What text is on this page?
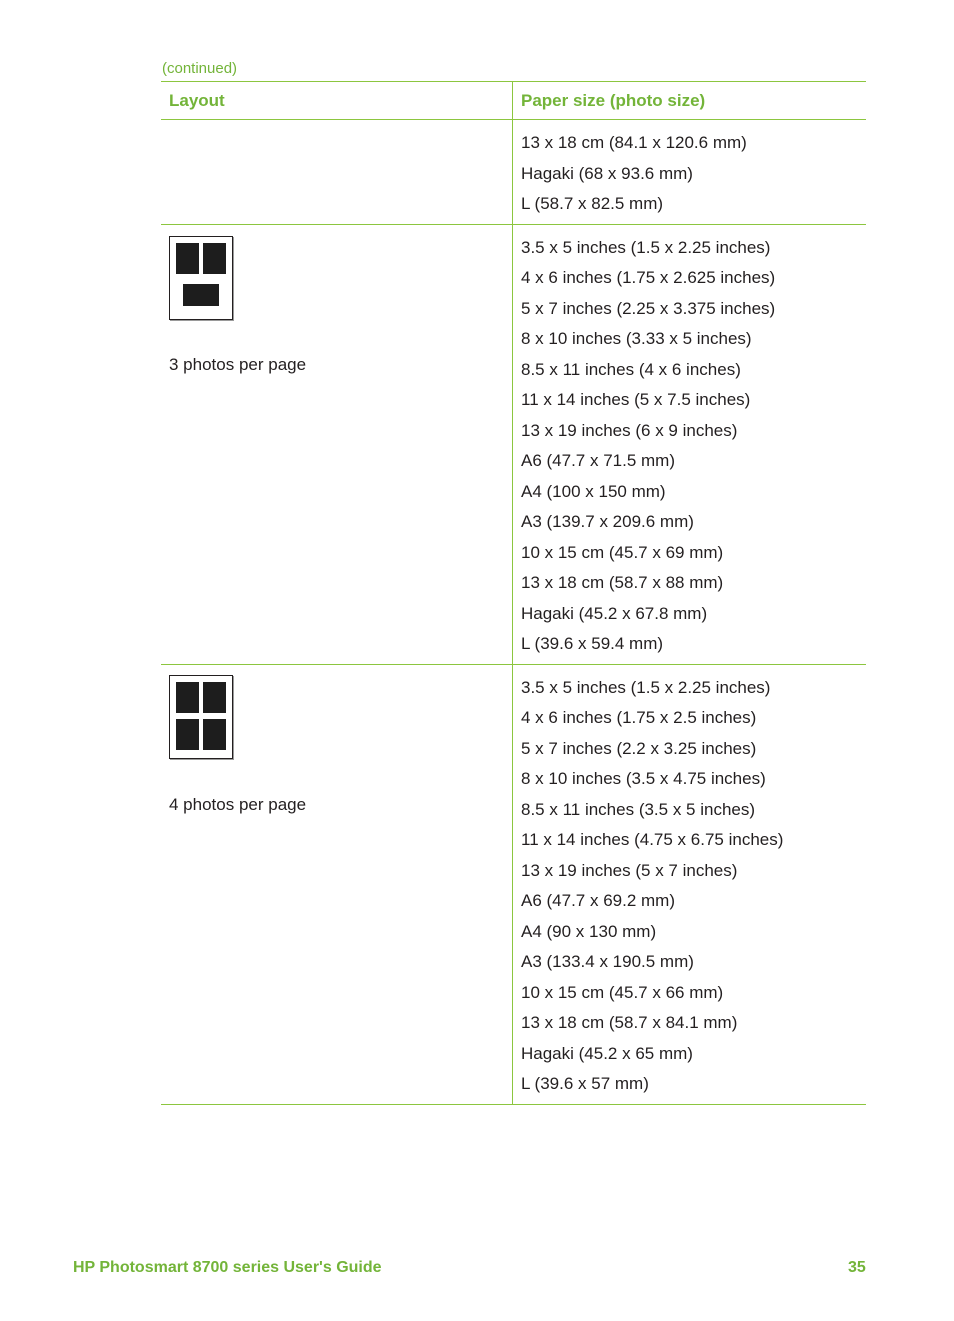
(continued)
Layout	Paper size (photo size)
13 x 18 cm (84.1 x 120.6 mm)
Hagaki (68 x 93.6 mm)
L (58.7 x 82.5 mm)
3 photos per page
3.5 x 5 inches (1.5 x 2.25 inches)
4 x 6 inches (1.75 x 2.625 inches)
5 x 7 inches (2.25 x 3.375 inches)
8 x 10 inches (3.33 x 5 inches)
8.5 x 11 inches (4 x 6 inches)
11 x 14 inches (5 x 7.5 inches)
13 x 19 inches (6 x 9 inches)
A6 (47.7 x 71.5 mm)
A4 (100 x 150 mm)
A3 (139.7 x 209.6 mm)
10 x 15 cm (45.7 x 69 mm)
13 x 18 cm (58.7 x 88 mm)
Hagaki (45.2 x 67.8 mm)
L (39.6 x 59.4 mm)
4 photos per page
3.5 x 5 inches (1.5 x 2.25 inches)
4 x 6 inches (1.75 x 2.5 inches)
5 x 7 inches (2.2 x 3.25 inches)
8 x 10 inches (3.5 x 4.75 inches)
8.5 x 11 inches (3.5 x 5 inches)
11 x 14 inches (4.75 x 6.75 inches)
13 x 19 inches (5 x 7 inches)
A6 (47.7 x 69.2 mm)
A4 (90 x 130 mm)
A3 (133.4 x 190.5 mm)
10 x 15 cm (45.7 x 66 mm)
13 x 18 cm (58.7 x 84.1 mm)
Hagaki (45.2 x 65 mm)
L (39.6 x 57 mm)
HP Photosmart 8700 series User's Guide	35
